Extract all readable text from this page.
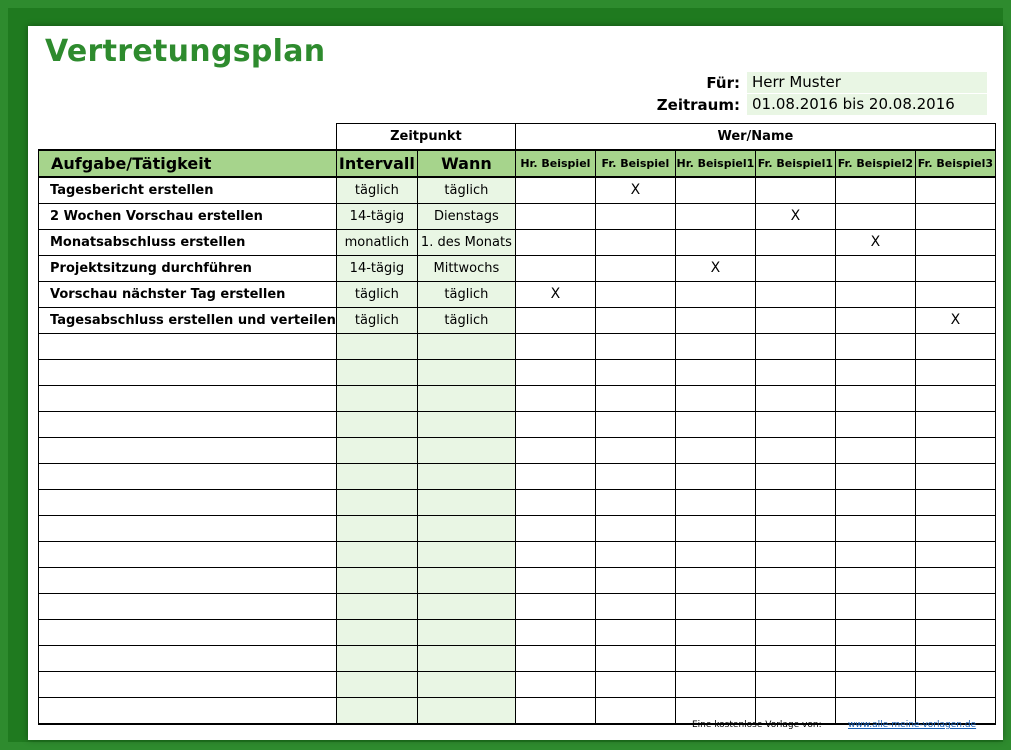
Vertretungsplan
Für: Herr Muster
Zeitraum: 01.08.2016 bis 20.08.2016
	Zeitpunkt		Wer/Name					
Aufgabe/Tätigkeit	Intervall	Wann	Hr. Beispiel	Fr. Beispiel	Hr. Beispiel1	Fr. Beispiel1	Fr. Beispiel2	Fr. Beispiel3
Tagesbericht erstellen	täglich	täglich		X				
2 Wochen Vorschau erstellen	14-tägig	Dienstags				X		
Monatsabschluss erstellen	monatlich	1. des Monats					X	
Projektsitzung durchführen	14-tägig	Mittwochs			X			
Vorschau nächster Tag erstellen	täglich	täglich	X					
Tagesabschluss erstellen und verteilen	täglich	täglich						X

Eine kostenlose Vorlage von:	www.alle-meine-vorlagen.de
